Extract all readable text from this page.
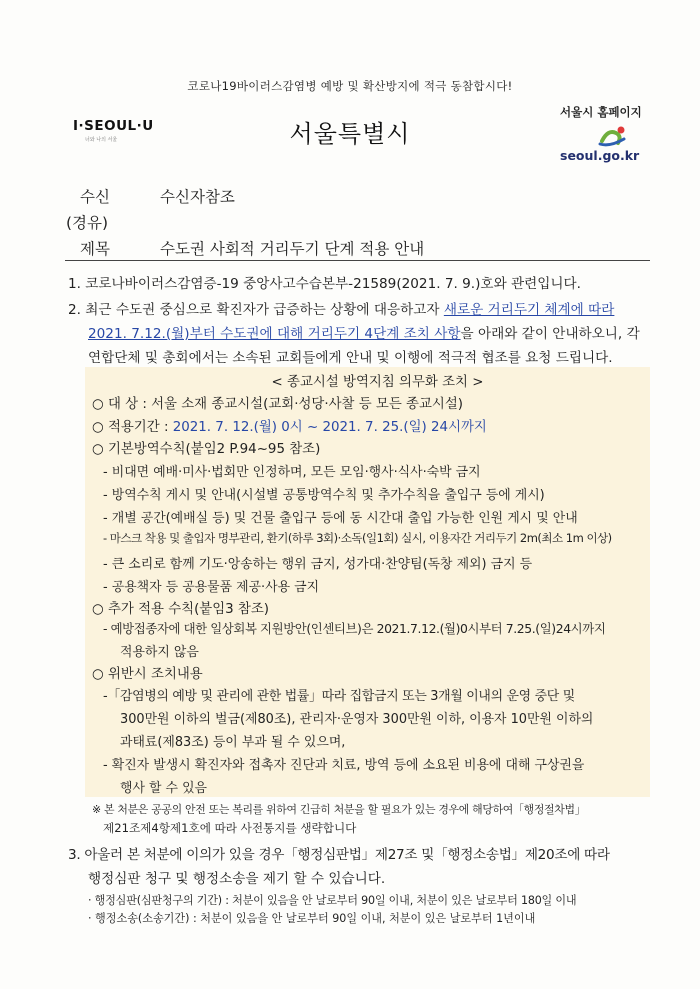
코로나19바이러스감염병 예방 및 확산방지에 적극 동참합시다!
I·SEOUL·U
너와 나의 서울	서울특별시
서울시 홈페이지
seoul.go.kr
수신	수신자참조
(경유)
제목	수도권 사회적 거리두기 단계 적용 안내
1. 코로나바이러스감염증-19 중앙사고수습본부-21589(2021. 7. 9.)호와 관련입니다.
2. 최근 수도권 중심으로 확진자가 급증하는 상황에 대응하고자 새로운 거리두기 체계에 따라
2021. 7.12.(월)부터 수도권에 대해 거리두기 4단계 조치 사항을 아래와 같이 안내하오니, 각
연합단체 및 총회에서는 소속된 교회들에게 안내 및 이행에 적극적 협조를 요청 드립니다.
< 종교시설 방역지침 의무화 조치 >
○ 대 상 : 서울 소재 종교시설(교회·성당·사찰 등 모든 종교시설)
○ 적용기간 : 2021. 7. 12.(월) 0시 ~ 2021. 7. 25.(일) 24시까지
○ 기본방역수칙(붙임2 P.94~95 참조)
- 비대면 예배·미사·법회만 인정하며, 모든 모임·행사·식사·숙박 금지
- 방역수칙 게시 및 안내(시설별 공통방역수칙 및 추가수칙을 출입구 등에 게시)
- 개별 공간(예배실 등) 및 건물 출입구 등에 동 시간대 출입 가능한 인원 게시 및 안내
- 마스크 착용 및 출입자 명부관리, 환기(하루 3회)·소독(일1회) 실시, 이용자간 거리두기 2m(최소 1m 이상)
- 큰 소리로 함께 기도·앙송하는 행위 금지, 성가대·찬양팀(독창 제외) 금지 등
- 공용책자 등 공용물품 제공·사용 금지
○ 추가 적용 수칙(붙임3 참조)
- 예방접종자에 대한 일상회복 지원방안(인센티브)은 2021.7.12.(월)0시부터 7.25.(일)24시까지
적용하지 않음
○ 위반시 조치내용
-「감염병의 예방 및 관리에 관한 법률」따라 집합금지 또는 3개월 이내의 운영 중단 및
300만원 이하의 벌금(제80조), 관리자·운영자 300만원 이하, 이용자 10만원 이하의
과태료(제83조) 등이 부과 될 수 있으며,
- 확진자 발생시 확진자와 접촉자 진단과 치료, 방역 등에 소요된 비용에 대해 구상권을
행사 할 수 있음
※ 본 처분은 공공의 안전 또는 복리를 위하여 긴급히 처분을 할 필요가 있는 경우에 해당하여「행정절차법」
제21조제4항제1호에 따라 사전통지를 생략합니다
3. 아울러 본 처분에 이의가 있을 경우「행정심판법」제27조 및「행정소송법」제20조에 따라
행정심판 청구 및 행정소송을 제기 할 수 있습니다.
· 행정심판(심판청구의 기간) : 처분이 있음을 안 날로부터 90일 이내, 처분이 있은 날로부터 180일 이내
· 행정소송(소송기간) : 처분이 있음을 안 날로부터 90일 이내, 처분이 있은 날로부터 1년이내
